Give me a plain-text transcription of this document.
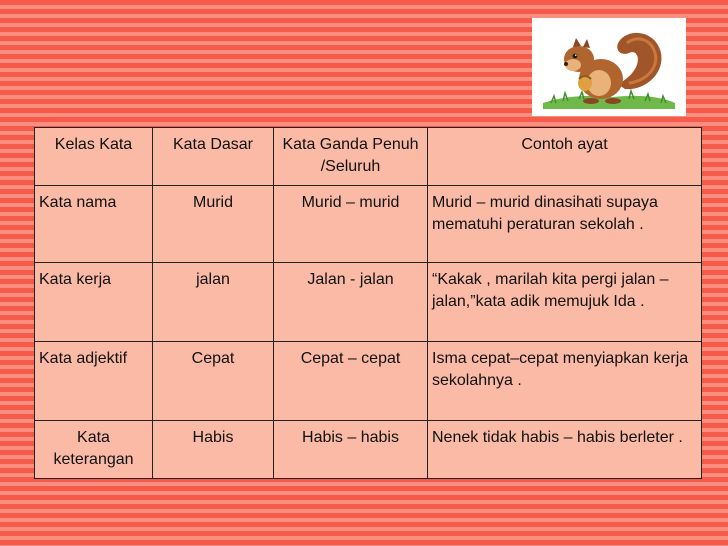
Kelas Kata	Kata Dasar	Kata Ganda Penuh /Seluruh	Contoh ayat
Kata nama	Murid	Murid – murid	Murid – murid dinasihati supaya mematuhi peraturan sekolah .
Kata kerja	jalan	Jalan - jalan	“Kakak , marilah kita pergi jalan – jalan,”kata adik memujuk Ida .
Kata adjektif	Cepat	Cepat – cepat	Isma cepat–cepat menyiapkan kerja sekolahnya .
Kata keterangan	Habis	Habis – habis	Nenek tidak habis – habis berleter .
